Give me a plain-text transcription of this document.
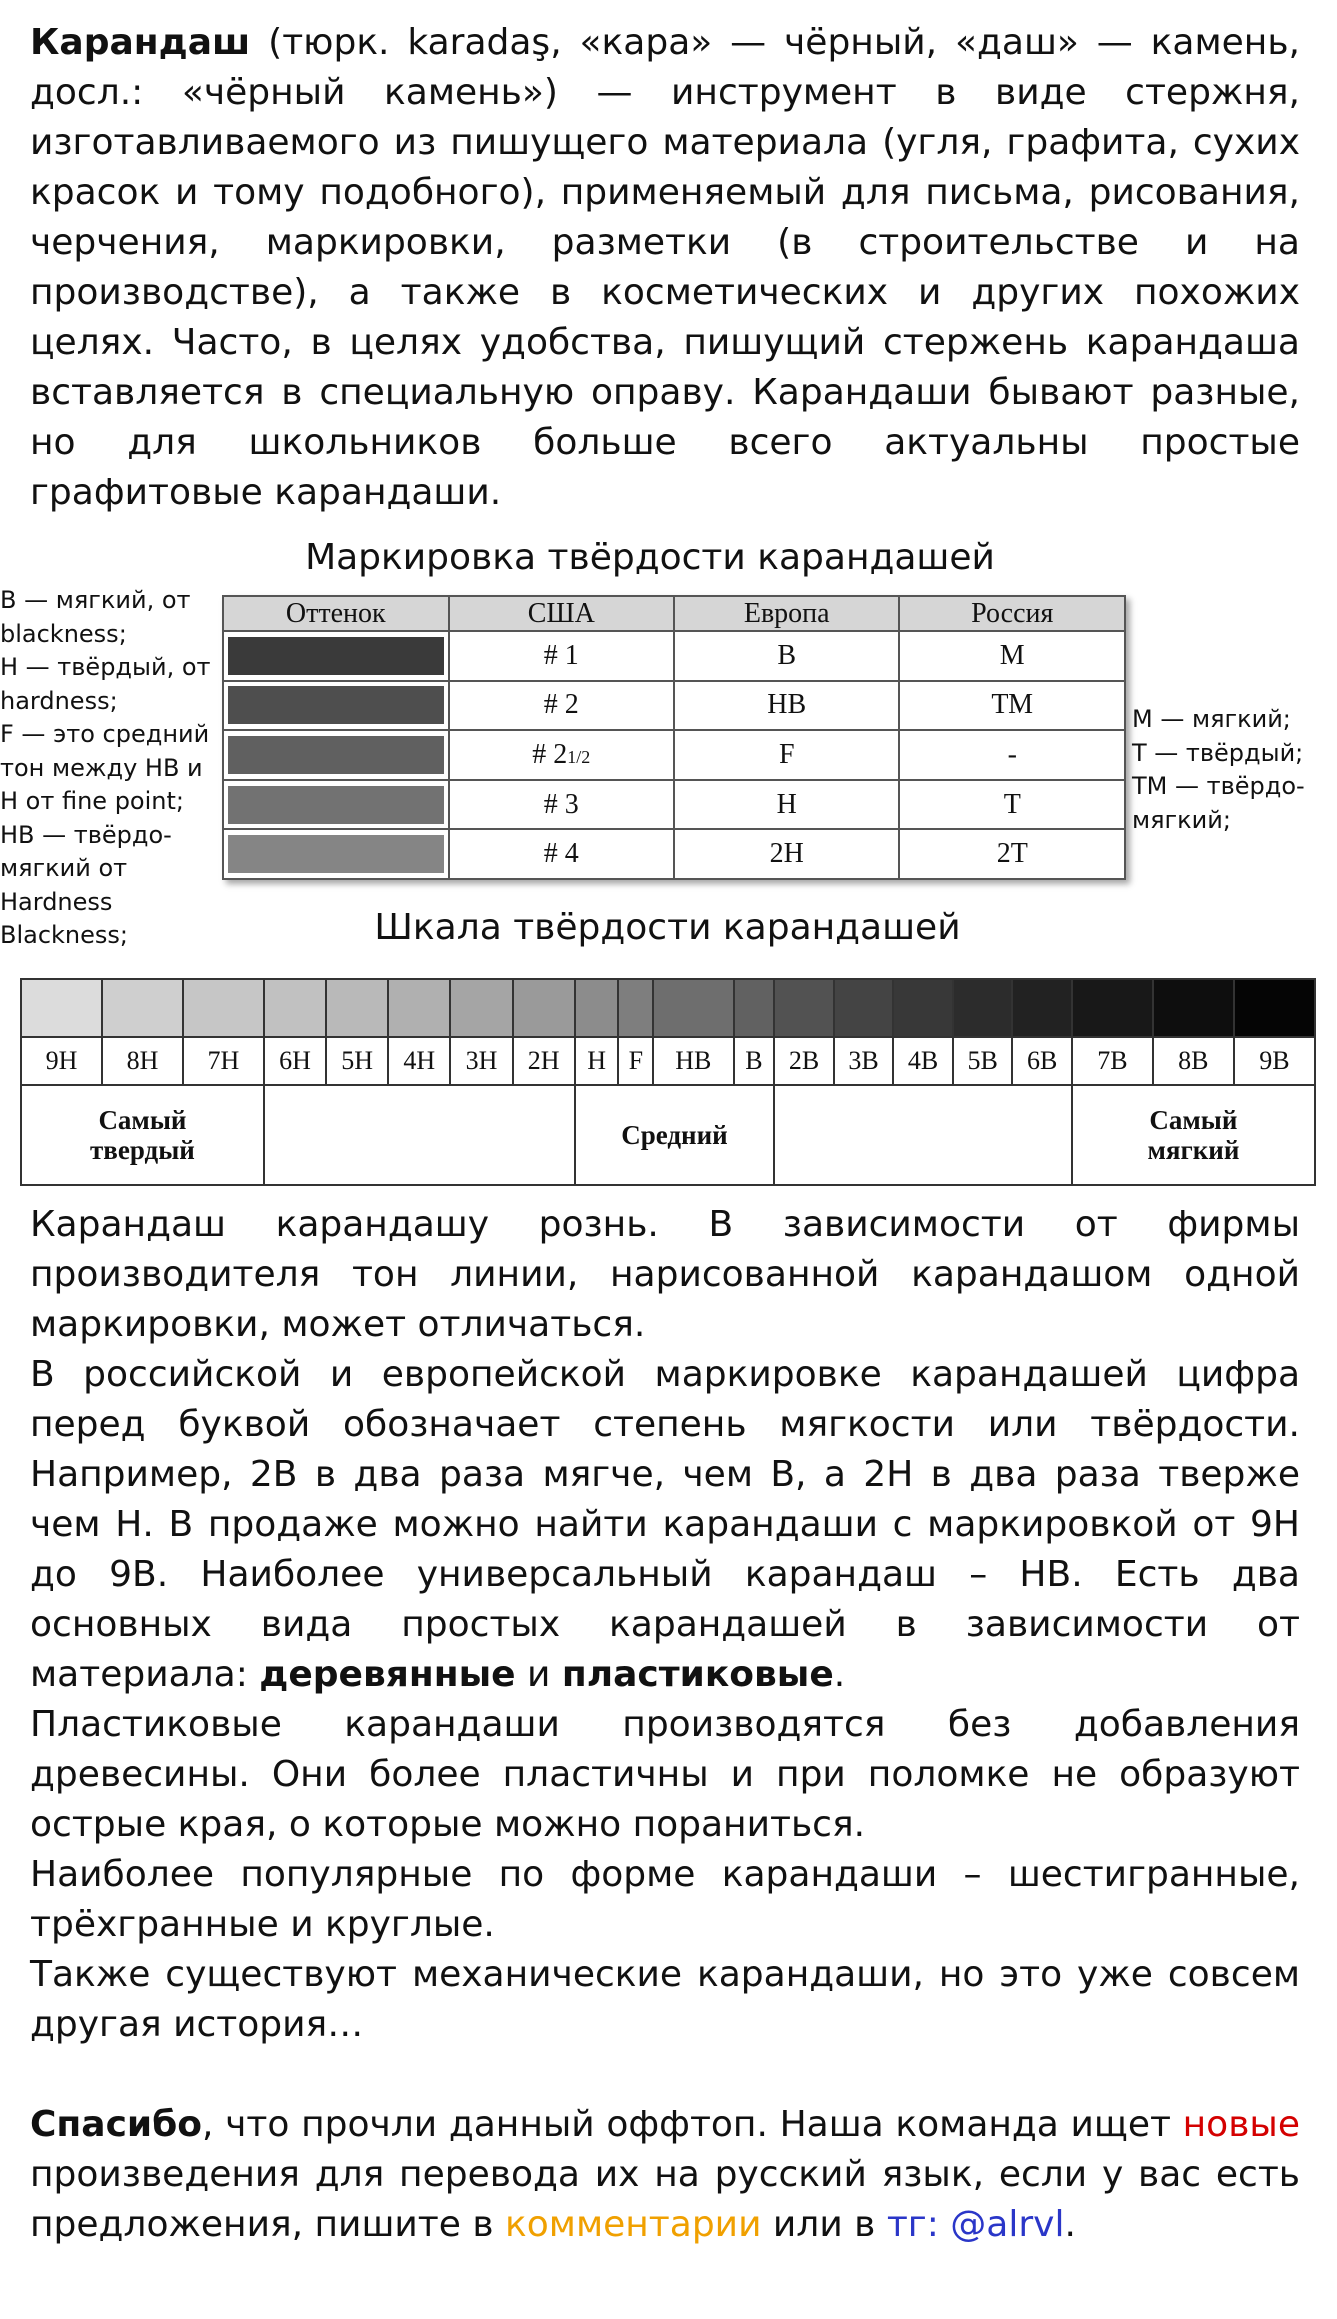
Карандаш (тюрк. karadaş, «кара» — чёрный, «даш» — камень, досл.: «чёрный камень») — инструмент в виде стержня, изготавливаемого из пишущего материала (угля, графита, сухих красок и тому подобного), применяемый для письма, рисования, черчения, маркировки, разметки (в строительстве и на производстве), а также в косметических и других похожих целях. Часто, в целях удобства, пишущий стержень карандаша вставляется в специальную оправу. Карандаши бывают разные, но для школьников больше всего актуальны простые графитовые карандаши.

Маркировка твёрдости карандашей

B — мягкий, от
blackness;
H — твёрдый, от
hardness;
F — это средний
тон между HB и
H от fine point;
HB — твёрдо-
мягкий от
Hardness
Blackness;

М — мягкий;
Т — твёрдый;
ТМ — твёрдо-
мягкий;

Оттенок	США	Европа	Россия

	# 1	B	М

	# 2	HB	ТМ

	# 21/2	F	-

	# 3	H	Т

	# 4	2H	2Т

Шкала твёрдости карандашей

9H	8H	7H	6H	5H	4H	3H	2H	H	F	HB	B	2B	3B	4B	5B	6B	7B	8B	9B
Самый твердый								Средний									Самый мягкий		

Карандаш карандашу рознь. В зависимости от фирмы производителя тон линии, нарисованной карандашом одной маркировки, может отличаться.

В российской и европейской маркировке карандашей цифра перед буквой обозначает степень мягкости или твёрдости. Например, 2В в два раза мягче, чем В, а 2Н в два раза тверже чем Н. В продаже можно найти карандаши с маркировкой от 9Н до 9В. Наиболее универсальный карандаш – НВ. Есть два основных вида простых карандашей в зависимости от материала: деревянные и пластиковые.

Пластиковые карандаши производятся без добавления древесины. Они более пластичны и при поломке не образуют острые края, о которые можно пораниться.

Наиболее популярные по форме карандаши – шестигранные, трёхгранные и круглые.

Также существуют механические карандаши, но это уже совсем другая история…

Спасибо, что прочли данный оффтоп. Наша команда ищет новые произведения для перевода их на русский язык, если у вас есть предложения, пишите в комментарии или в тг: @alrvl.
